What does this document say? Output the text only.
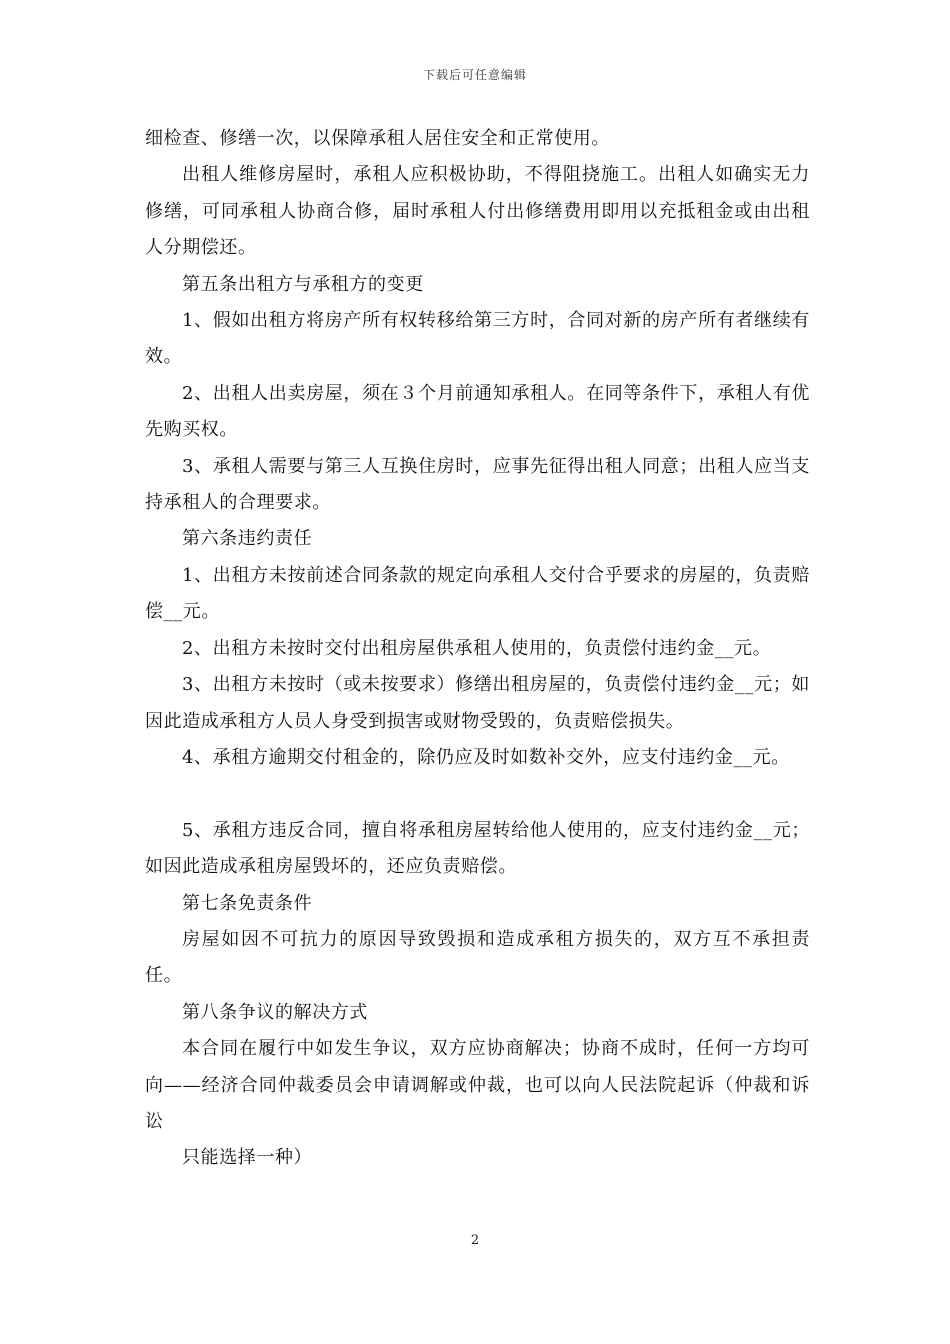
下载后可任意编辑

细检查、修缮一次，以保障承租人居住安全和正常使用。

出租人维修房屋时，承租人应积极协助，不得阻挠施工。出租人如确实无力修缮，可同承租人协商合修，届时承租人付出修缮费用即用以充抵租金或由出租人分期偿还。

第五条出租方与承租方的变更

1、假如出租方将房产所有权转移给第三方时，合同对新的房产所有者继续有效。

2、出租人出卖房屋，须在３个月前通知承租人。在同等条件下，承租人有优先购买权。

3、承租人需要与第三人互换住房时，应事先征得出租人同意；出租人应当支持承租人的合理要求。

第六条违约责任

1、出租方未按前述合同条款的规定向承租人交付合乎要求的房屋的，负责赔偿__元。

2、出租方未按时交付出租房屋供承租人使用的，负责偿付违约金__元。

3、出租方未按时（或未按要求）修缮出租房屋的，负责偿付违约金__元；如因此造成承租方人员人身受到损害或财物受毁的，负责赔偿损失。

4、承租方逾期交付租金的，除仍应及时如数补交外，应支付违约金__元。

5、承租方违反合同，擅自将承租房屋转给他人使用的，应支付违约金__元；如因此造成承租房屋毁坏的，还应负责赔偿。

第七条免责条件

房屋如因不可抗力的原因导致毁损和造成承租方损失的，双方互不承担责任。

第八条争议的解决方式

本合同在履行中如发生争议，双方应协商解决；协商不成时，任何一方均可向——经济合同仲裁委员会申请调解或仲裁，也可以向人民法院起诉（仲裁和诉讼

只能选择一种）

2
